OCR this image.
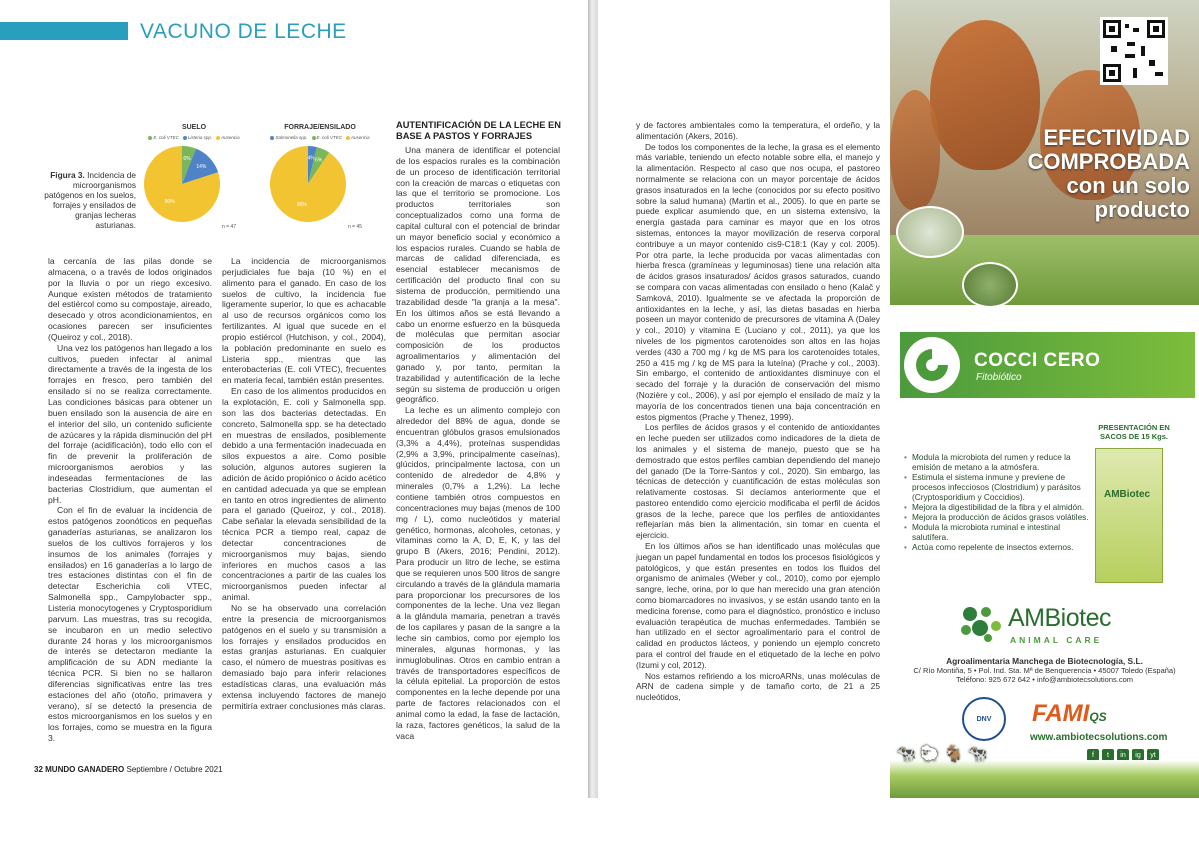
VACUNO DE LECHE
Figura 3. Incidencia de microorganismos patógenos en los suelos, forrajes y ensilados de granjas lecheras asturianas.
SUELO
E. coli VTEC Listeria spp. Ausencia
6%
14%
80%
n = 47
FORRAJE/ENSILADO
Salmonella spp. E. coli VTEC Ausencia
4% 6%
96%
n = 45

la cercanía de las pilas donde se almacena, o a través de lodos originados por la lluvia o por un riego excesivo. Aunque existen métodos de tratamiento del estiércol como su compostaje, aireado, desecado y otros acondicionamientos, en ocasiones parecen ser insuficientes (Queiroz y col., 2018).

Una vez los patógenos han llegado a los cultivos, pueden infectar al animal directamente a través de la ingesta de los forrajes en fresco, pero también del ensilado si no se realiza correctamente. Las condiciones básicas para obtener un buen ensilado son la ausencia de aire en el interior del silo, un contenido suficiente de azúcares y la rápida disminución del pH del forraje (acidificación), todo ello con el fin de prevenir la proliferación de microorganismos aerobios y las indeseadas fermentaciones de las bacterias Clostridium, que aumentan el pH.

Con el fin de evaluar la incidencia de estos patógenos zoonóticos en pequeñas ganaderías asturianas, se analizaron los suelos de los cultivos forrajeros y los insumos de los animales (forrajes y ensilados) en 16 ganaderías a lo largo de tres estaciones distintas con el fin de detectar Escherichia coli VTEC, Salmonella spp., Campylobacter spp., Listeria monocytogenes y Cryptosporidium parvum. Las muestras, tras su recogida, se incubaron en un medio selectivo durante 24 horas y los microorganismos de interés se detectaron mediante la amplificación de su ADN mediante la técnica PCR. Si bien no se hallaron diferencias significativas entre las tres estaciones del año (otoño, primavera y verano), sí se detectó la presencia de estos microorganismos en los suelos y en los forrajes, como se muestra en la figura 3.

La incidencia de microorganismos perjudiciales fue baja (10 %) en el alimento para el ganado. En caso de los suelos de cultivo, la incidencia fue ligeramente superior, lo que es achacable al uso de recursos orgánicos como los fertilizantes. Al igual que sucede en el propio estiércol (Hutchison, y col., 2004), la población predominante en suelo es Listeria spp., mientras que las enterobacterias (E. coli VTEC), frecuentes en materia fecal, también están presentes.

En caso de los alimentos producidos en la explotación, E. coli y Salmonella spp. son las dos bacterias detectadas. En concreto, Salmonella spp. se ha detectado en muestras de ensilados, posiblemente debido a una fermentación inadecuada en silos expuestos a aire. Como posible solución, algunos autores sugieren la adición de ácido propiónico o ácido acético en cantidad adecuada ya que se emplean en tanto en otros ingredientes de alimento para el ganado (Queiroz, y col., 2018). Cabe señalar la elevada sensibilidad de la técnica PCR a tiempo real, capaz de detectar concentraciones de microorganismos muy bajas, siendo inferiores en muchos casos a las concentraciones a partir de las cuales los microorganismos pueden infectar al animal.

No se ha observado una correlación entre la presencia de microorganismos patógenos en el suelo y su transmisión a los forrajes y ensilados producidos en estas granjas asturianas. En cualquier caso, el número de muestras positivas es demasiado bajo para inferir relaciones estadísticas claras, una evaluación más extensa incluyendo factores de manejo permitiría extraer conclusiones más claras.

AUTENTIFICACIÓN DE LA LECHE EN BASE A PASTOS Y FORRAJES

Una manera de identificar el potencial de los espacios rurales es la combinación de un proceso de identificación territorial con la creación de marcas o etiquetas con las que el territorio se promocione. Los productos territoriales son conceptualizados como una forma de capital cultural con el potencial de brindar un mayor beneficio social y económico a los espacios rurales. Cuando se habla de marcas de calidad diferenciada, es esencial establecer mecanismos de certificación del producto final con su sistema de producción, permitiendo una trazabilidad desde "la granja a la mesa". En los últimos años se está llevando a cabo un enorme esfuerzo en la búsqueda de moléculas que permitan asociar composición de los productos agroalimentarios y alimentación del ganado y, por tanto, permitan la trazabilidad y autentificación de la leche según su sistema de producción u origen geográfico.

La leche es un alimento complejo con alrededor del 88% de agua, donde se encuentran glóbulos grasos emulsionados (3,3% a 4,4%), proteínas suspendidas (2,9% a 3,9%, principalmente caseínas), glúcidos, principalmente lactosa, con un contenido de alrededor de 4,8% y minerales (0,7% a 1,2%). La leche contiene también otros compuestos en concentraciones muy bajas (menos de 100 mg / L), como nucleótidos y material genético, hormonas, alcoholes, cetonas, y vitaminas como la A, D, E, K, y las del grupo B (Akers, 2016; Pendini, 2012). Para producir un litro de leche, se estima que se requieren unos 500 litros de sangre circulando a través de la glándula mamaria para proporcionar los precursores de los componentes de la leche. Una vez llegan a la glándula mamaria, penetran a través de los capilares y pasan de la sangre a la leche sin cambios, como por ejemplo los minerales, algunas hormonas, y las inmuglobulinas. Otros en cambio entran a través de transportadores específicos de la célula epitelial. La proporción de estos componentes en la leche depende por una parte de factores relacionados con el animal como la edad, la fase de lactación, la raza, factores genéticos, la salud de la vaca

32 MUNDO GANADERO Septiembre / Octubre 2021

y de factores ambientales como la temperatura, el ordeño, y la alimentación (Akers, 2016).

De todos los componentes de la leche, la grasa es el elemento más variable, teniendo un efecto notable sobre ella, el manejo y la alimentación. Respecto al caso que nos ocupa, el pastoreo normalmente se relaciona con un mayor porcentaje de ácidos grasos insaturados en la leche (conocidos por su efecto positivo sobre la salud humana) (Martin et al., 2005). lo que en parte se puede explicar asumiendo que, en un sistema extensivo, la energía gastada para caminar es mayor que en los otros sistemas, entonces la mayor movilización de reserva corporal contribuye a un mayor contenido cis9-C18:1 (Kay y col. 2005). Por otra parte, la leche producida por vacas alimentadas con hierba fresca (gramíneas y leguminosas) tiene una relación alta de ácidos grasos insaturados/ ácidos grasos saturados, cuando se compara con vacas alimentadas con ensilado o heno (Kalač y Samková, 2010). Igualmente se ve afectada la proporción de antioxidantes en la leche, y así, las dietas basadas en hierba poseen un mayor contenido de precursores de vitamina A (Daley y col., 2010) y vitamina E (Luciano y col., 2011), ya que los niveles de los pigmentos carotenoides son altos en las hojas verdes (430 a 700 mg / kg de MS para los carotenoides totales, 250 a 415 mg / kg de MS para la luteína) (Prache y col., 2003). Sin embargo, el contenido de antioxidantes disminuye con el secado del forraje y la duración de conservación del mismo (Nozière y col., 2006), y así por ejemplo el ensilado de maíz y la mayoría de los concentrados tienen una baja concentración en estos pigmentos (Prache y Thenez, 1999).

Los perfiles de ácidos grasos y el contenido de antioxidantes en leche pueden ser utilizados como indicadores de la dieta de los animales y el sistema de manejo, puesto que se ha demostrado que estos perfiles cambian dependiendo del manejo del ganado (De la Torre-Santos y col., 2020). Sin embargo, las técnicas de detección y cuantificación de estas moléculas son relativamente costosas. Si decíamos anteriormente que el pastoreo entendido como ejercicio modificaba el perfil de ácidos grasos de la leche, parece que los perfiles de antioxidantes reflejarían más bien la alimentación, sin tomar en cuenta el ejercicio.

En los últimos años se han identificado unas moléculas que juegan un papel fundamental en todos los procesos fisiológicos y patológicos, y que están presentes en todos los fluidos del organismo de animales (Weber y col., 2010), como por ejemplo sangre, leche, orina, por lo que han merecido una gran atención como biomarcadores no invasivos, y se están usando tanto en la medicina forense, como para el diagnóstico, pronóstico e incluso evaluación terapéutica de muchas enfermedades. También se han utilizado en el sector agroalimentario para el control de calidad en productos lácteos, y poniendo un ejemplo concreto para el control del fraude en el etiquetado de la leche en polvo (Izumi y col, 2012).

Nos estamos refiriendo a los microARNs, unas moléculas de ARN de cadena simple y de tamaño corto, de 21 a 25 nucleótidos,

EFECTIVIDAD
COMPROBADA
con un solo
producto
COCCI CERO
Fitobiótico
PRESENTACIÓN EN SACOS DE 15 Kgs.
AMBiotec
• Modula la microbiota del rumen y reduce la emisión de metano a la atmósfera.
• Estimula el sistema inmune y previene de procesos infecciosos (Clostridium) y parásitos (Cryptosporidium y Coccidios).
• Mejora la digestibilidad de la fibra y el almidón.
• Mejora la producción de ácidos grasos volátiles.
• Modula la microbiota ruminal e intestinal salutífera.
• Actúa como repelente de insectos externos.
AMBiotec
ANIMAL CARE
Agroalimentaria Manchega de Biotecnología, S.L.
C/ Río Montiña, 5 • Pol. Ind. Sta. Mª de Benquerencia • 45007 Toledo (España)
Teléfono: 925 672 642 • info@ambiotecsolutions.com
DNV	FAMIQS
www.ambiotecsolutions.com
f	t	in	ig	yt
🐄🐑🐐🐄
